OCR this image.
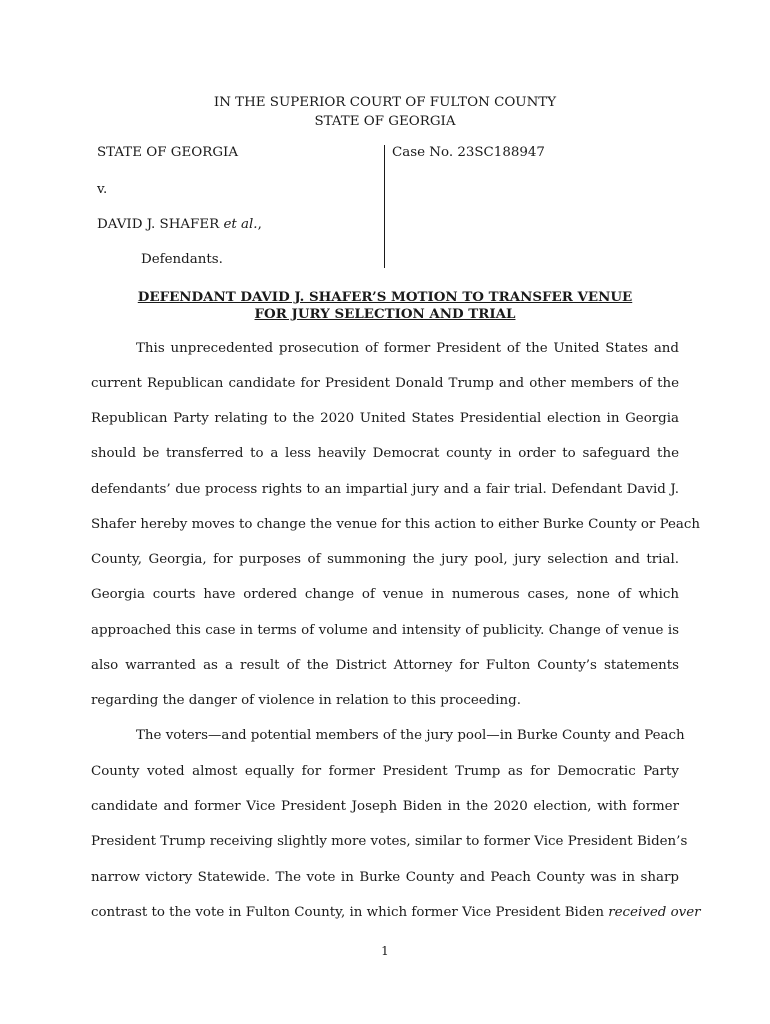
IN THE SUPERIOR COURT OF FULTON COUNTY
STATE OF GEORGIA
STATE OF GEORGIA
v.
DAVID J. SHAFER et al.,
Defendants.
Case No. 23SC188947
DEFENDANT DAVID J. SHAFER’S MOTION TO TRANSFER VENUE
FOR JURY SELECTION AND TRIAL
This unprecedented prosecution of former President of the United States and
current Republican candidate for President Donald Trump and other members of the
Republican Party relating to the 2020 United States Presidential election in Georgia
should be transferred to a less heavily Democrat county in order to safeguard the
defendants’ due process rights to an impartial jury and a fair trial. Defendant David J.
Shafer hereby moves to change the venue for this action to either Burke County or Peach
County, Georgia, for purposes of summoning the jury pool, jury selection and trial.
Georgia courts have ordered change of venue in numerous cases, none of which
approached this case in terms of volume and intensity of publicity. Change of venue is
also warranted as a result of the District Attorney for Fulton County’s statements
regarding the danger of violence in relation to this proceeding.
The voters—and potential members of the jury pool—in Burke County and Peach
County voted almost equally for former President Trump as for Democratic Party
candidate and former Vice President Joseph Biden in the 2020 election, with former
President Trump receiving slightly more votes, similar to former Vice President Biden’s
narrow victory Statewide. The vote in Burke County and Peach County was in sharp
contrast to the vote in Fulton County, in which former Vice President Biden received over
1
